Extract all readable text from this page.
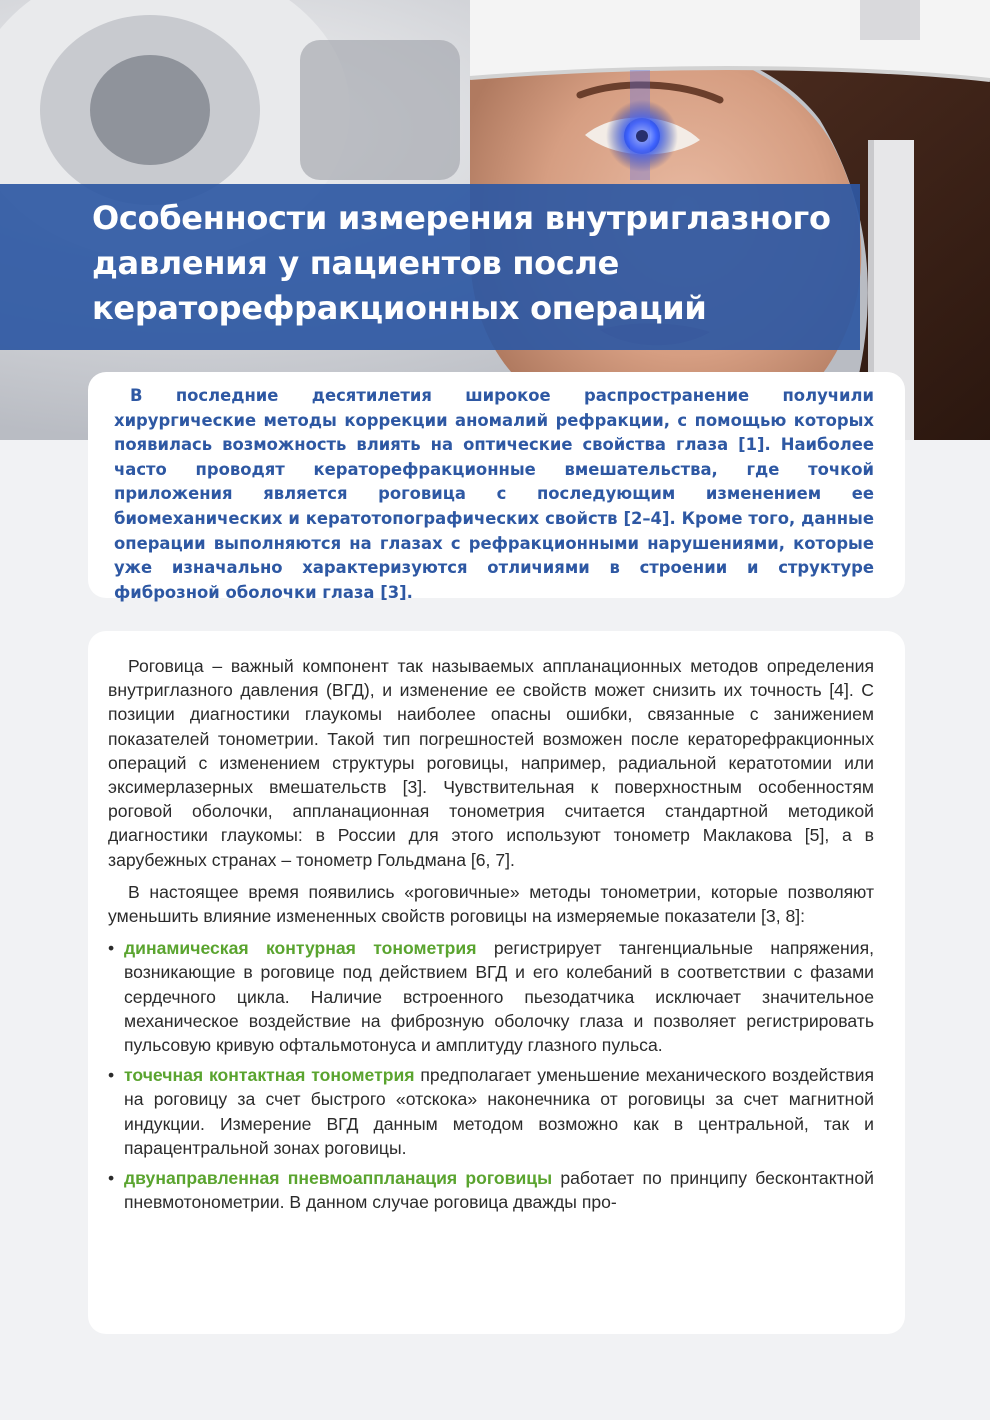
Особенности измерения внутриглазного давления у пациентов после кераторефракционных операций
В последние десятилетия широкое распространение получили хирургические методы коррекции аномалий рефракции, с помощью которых появилась возможность влиять на оптические свойства глаза [1]. Наиболее часто проводят кераторефракционные вмешательства, где точкой приложения является роговица с последующим изменением ее биомеханических и кератотопографических свойств [2–4]. Кроме того, данные операции выполняются на глазах с рефракционными нарушениями, которые уже изначально характеризуются отличиями в строении и структуре фиброзной оболочки глаза [3].

Роговица – важный компонент так называемых аппланационных методов определения внутриглазного давления (ВГД), и изменение ее свойств может снизить их точность [4]. С позиции диагностики глаукомы наиболее опасны ошибки, связанные с занижением показателей тонометрии. Такой тип погрешностей возможен после кераторефракционных операций с изменением структуры роговицы, например, радиальной кератотомии или эксимерлазерных вмешательств [3]. Чувствительная к поверхностным особенностям роговой оболочки, аппланационная тонометрия считается стандартной методикой диагностики глаукомы: в России для этого используют тонометр Маклакова [5], а в зарубежных странах – тонометр Гольдмана [6, 7].

В настоящее время появились «роговичные» методы тонометрии, которые позволяют уменьшить влияние измененных свойств роговицы на измеряемые показатели [3, 8]:

• динамическая контурная тонометрия регистрирует тангенциальные напряжения, возникающие в роговице под действием ВГД и его колебаний в соответствии с фазами сердечного цикла. Наличие встроенного пьезодатчика исключает значительное механическое воздействие на фиброзную оболочку глаза и позволяет регистрировать пульсовую кривую офтальмотонуса и амплитуду глазного пульса.
• точечная контактная тонометрия предполагает уменьшение механического воздействия на роговицу за счет быстрого «отскока» наконечника от роговицы за счет магнитной индукции. Измерение ВГД данным методом возможно как в центральной, так и парацентральной зонах роговицы.
• двунаправленная пневмоаппланация роговицы работает по принципу бесконтактной пневмотонометрии. В данном случае роговица дважды про-
